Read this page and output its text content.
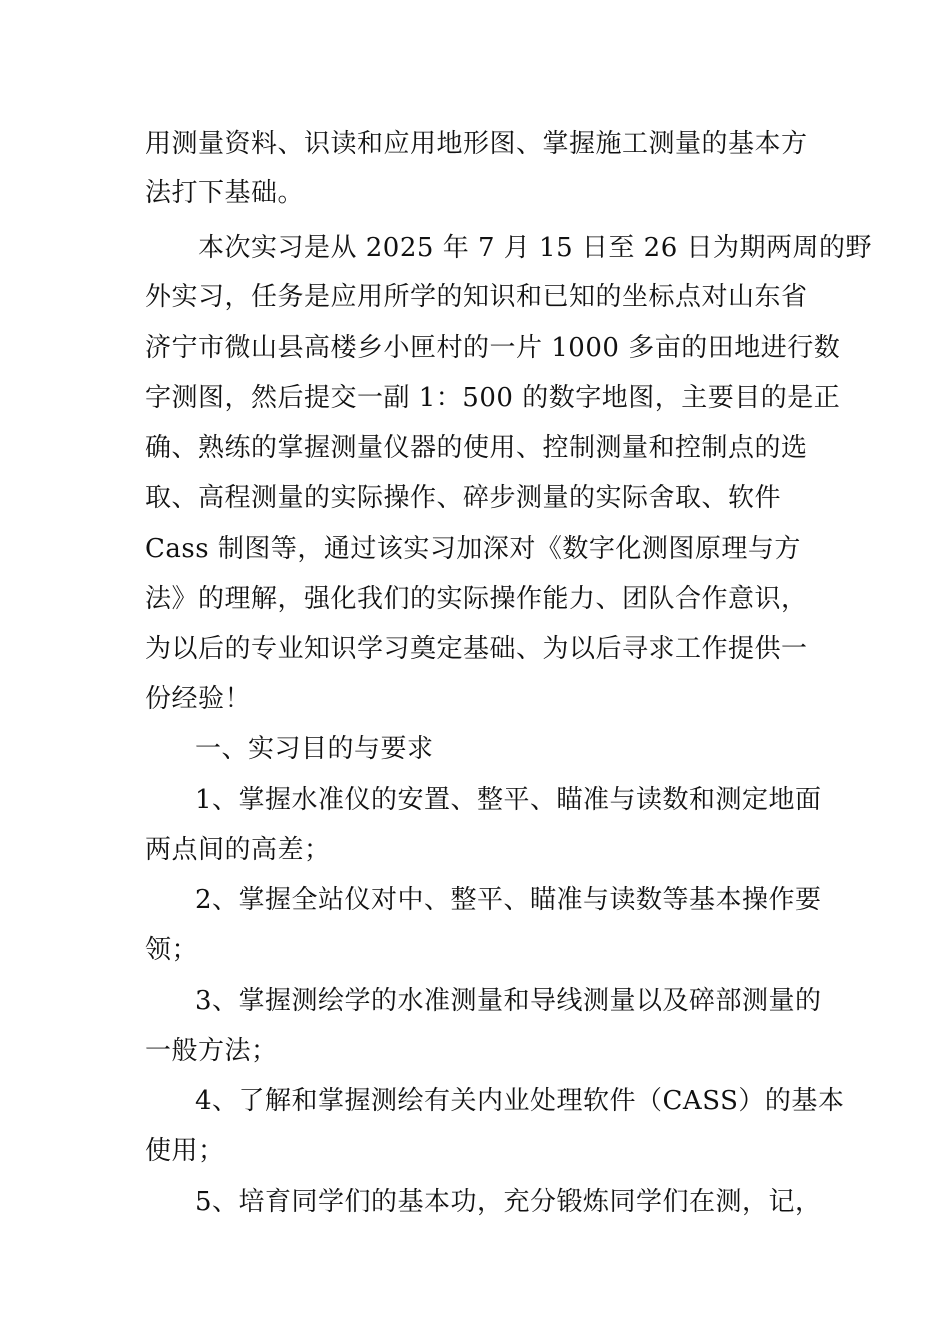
用测量资料、识读和应用地形图、掌握施工测量的基本方
法打下基础。
本次实习是从 2025 年 7 月 15 日至 26 日为期两周的野
外实习，任务是应用所学的知识和已知的坐标点对山东省
济宁市微山县高楼乡小匣村的一片 1000 多亩的田地进行数
字测图，然后提交一副 1：500 的数字地图，主要目的是正
确、熟练的掌握测量仪器的使用、控制测量和控制点的选
取、高程测量的实际操作、碎步测量的实际舍取、软件
Cass 制图等，通过该实习加深对《数字化测图原理与方
法》的理解，强化我们的实际操作能力、团队合作意识，
为以后的专业知识学习奠定基础、为以后寻求工作提供一
份经验！
一、实习目的与要求
1、掌握水准仪的安置、整平、瞄准与读数和测定地面
两点间的高差；
2、掌握全站仪对中、整平、瞄准与读数等基本操作要
领；
3、掌握测绘学的水准测量和导线测量以及碎部测量的
一般方法；
4、了解和掌握测绘有关内业处理软件（CASS）的基本
使用；
5、培育同学们的基本功，充分锻炼同学们在测，记，
